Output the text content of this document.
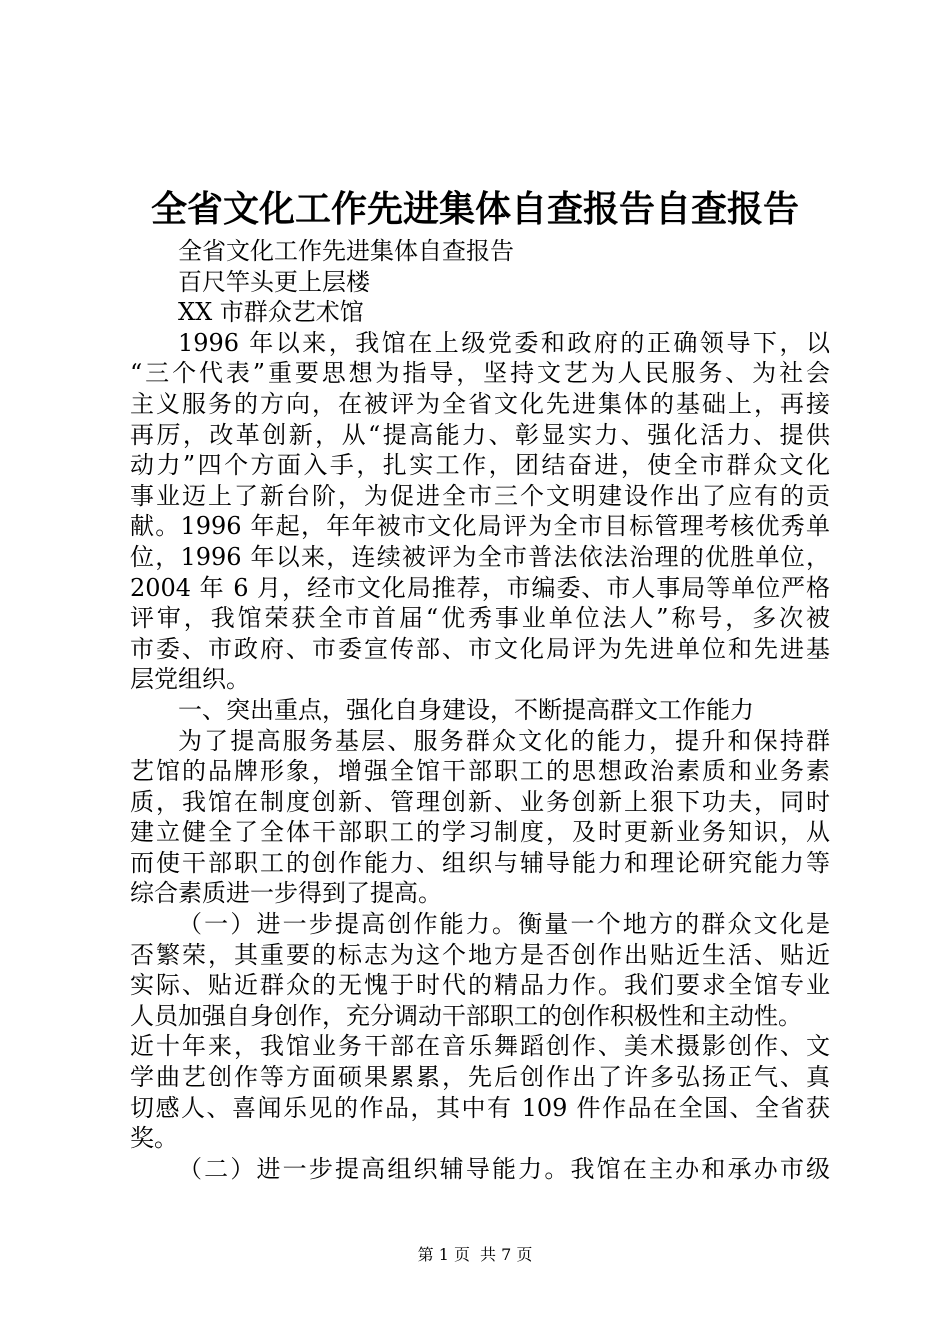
全省文化工作先进集体自查报告自查报告
全省文化工作先进集体自查报告
百尺竿头更上层楼
XX 市群众艺术馆
1996 年以来，我馆在上级党委和政府的正确领导下，以
“三个代表”重要思想为指导，坚持文艺为人民服务、为社会
主义服务的方向，在被评为全省文化先进集体的基础上，再接
再厉，改革创新，从“提高能力、彰显实力、强化活力、提供
动力”四个方面入手，扎实工作，团结奋进，使全市群众文化
事业迈上了新台阶，为促进全市三个文明建设作出了应有的贡
献。1996 年起，年年被市文化局评为全市目标管理考核优秀单
位，1996 年以来，连续被评为全市普法依法治理的优胜单位，
2004 年 6 月，经市文化局推荐，市编委、市人事局等单位严格
评审，我馆荣获全市首届“优秀事业单位法人”称号，多次被
市委、市政府、市委宣传部、市文化局评为先进单位和先进基
层党组织。
一、突出重点，强化自身建设，不断提高群文工作能力
为了提高服务基层、服务群众文化的能力，提升和保持群
艺馆的品牌形象，增强全馆干部职工的思想政治素质和业务素
质，我馆在制度创新、管理创新、业务创新上狠下功夫，同时
建立健全了全体干部职工的学习制度，及时更新业务知识，从
而使干部职工的创作能力、组织与辅导能力和理论研究能力等
综合素质进一步得到了提高。
（一）进一步提高创作能力。衡量一个地方的群众文化是
否繁荣，其重要的标志为这个地方是否创作出贴近生活、贴近
实际、贴近群众的无愧于时代的精品力作。我们要求全馆专业
人员加强自身创作，充分调动干部职工的创作积极性和主动性。
近十年来，我馆业务干部在音乐舞蹈创作、美术摄影创作、文
学曲艺创作等方面硕果累累，先后创作出了许多弘扬正气、真
切感人、喜闻乐见的作品，其中有 109 件作品在全国、全省获
奖。
（二）进一步提高组织辅导能力。我馆在主办和承办市级
第 1 页 共 7 页
